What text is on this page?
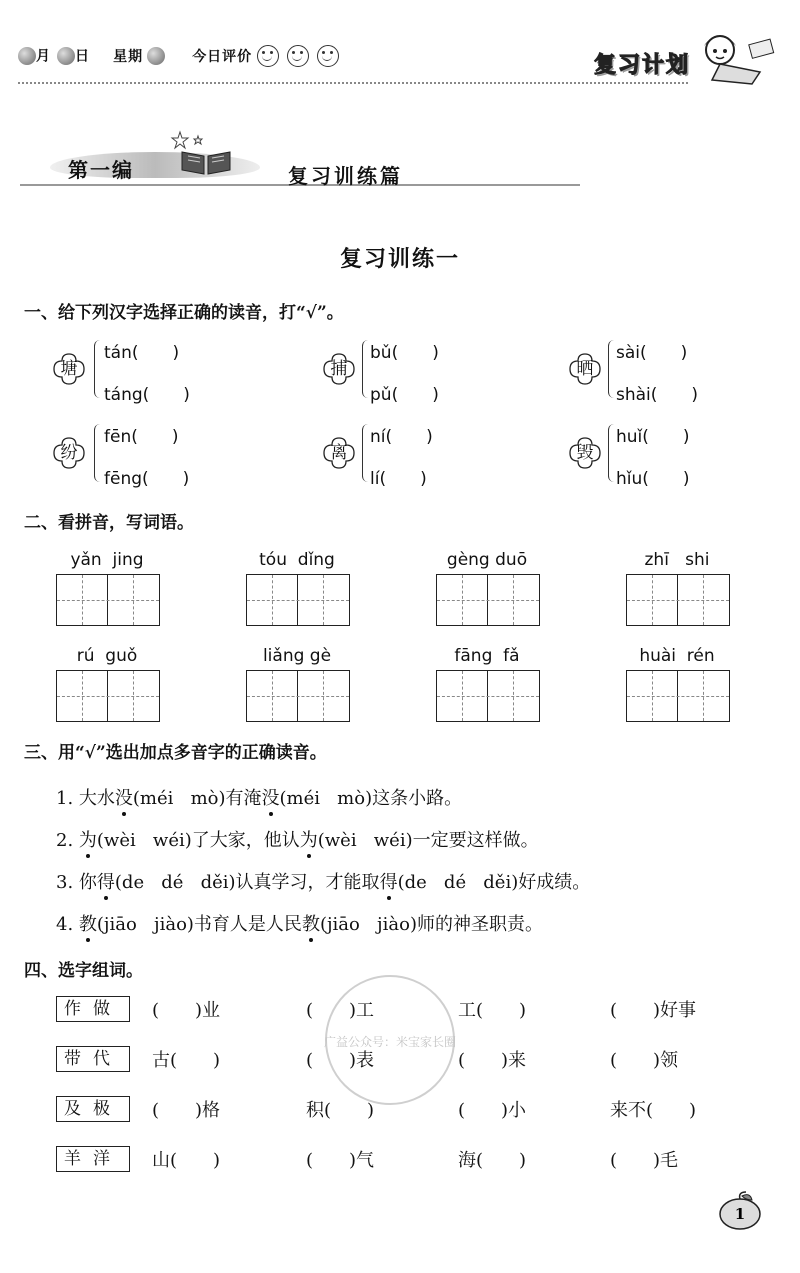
月 日 星期	今日评价	复习计划
第一编	复习训练篇
复习训练一
一、给下列汉字选择正确的读音，打“√”。
塘
tán(　　)
táng(　　)
捕
bǔ(　　)
pǔ(　　)
晒
sài(　　)
shài(　　)
纷
fēn(　　)
fēng(　　)
离
ní(　　)
lí(　　)
毁
huǐ(　　)
hǐu(　　)
二、看拼音，写词语。
yǎn  jing	tóu  dǐng	gèng duō	zhī   shi
rú  guǒ	liǎng gè	fāng  fǎ	huài  rén
三、用“√”选出加点多音字的正确读音。
1. 大水没(méi   mò)有淹没(méi   mò)这条小路。
2. 为(wèi   wéi)了大家，他认为(wèi   wéi)一定要这样做。
3. 你得(de   dé   děi)认真学习，才能取得(de   dé   děi)好成绩。
4. 教(jiāo   jiào)书育人是人民教(jiāo   jiào)师的神圣职责。
四、选字组词。
作做	(　　)业	(　　)工	工(　　)	(　　)好事
带代	古(　　)	(　　)表	(　　)来	(　　)领
及极	(　　)格	积(　　)	(　　)小	来不(　　)
羊洋	山(　　)	(　　)气	海(　　)	(　　)毛
广益公众号：米宝家长圈
1
